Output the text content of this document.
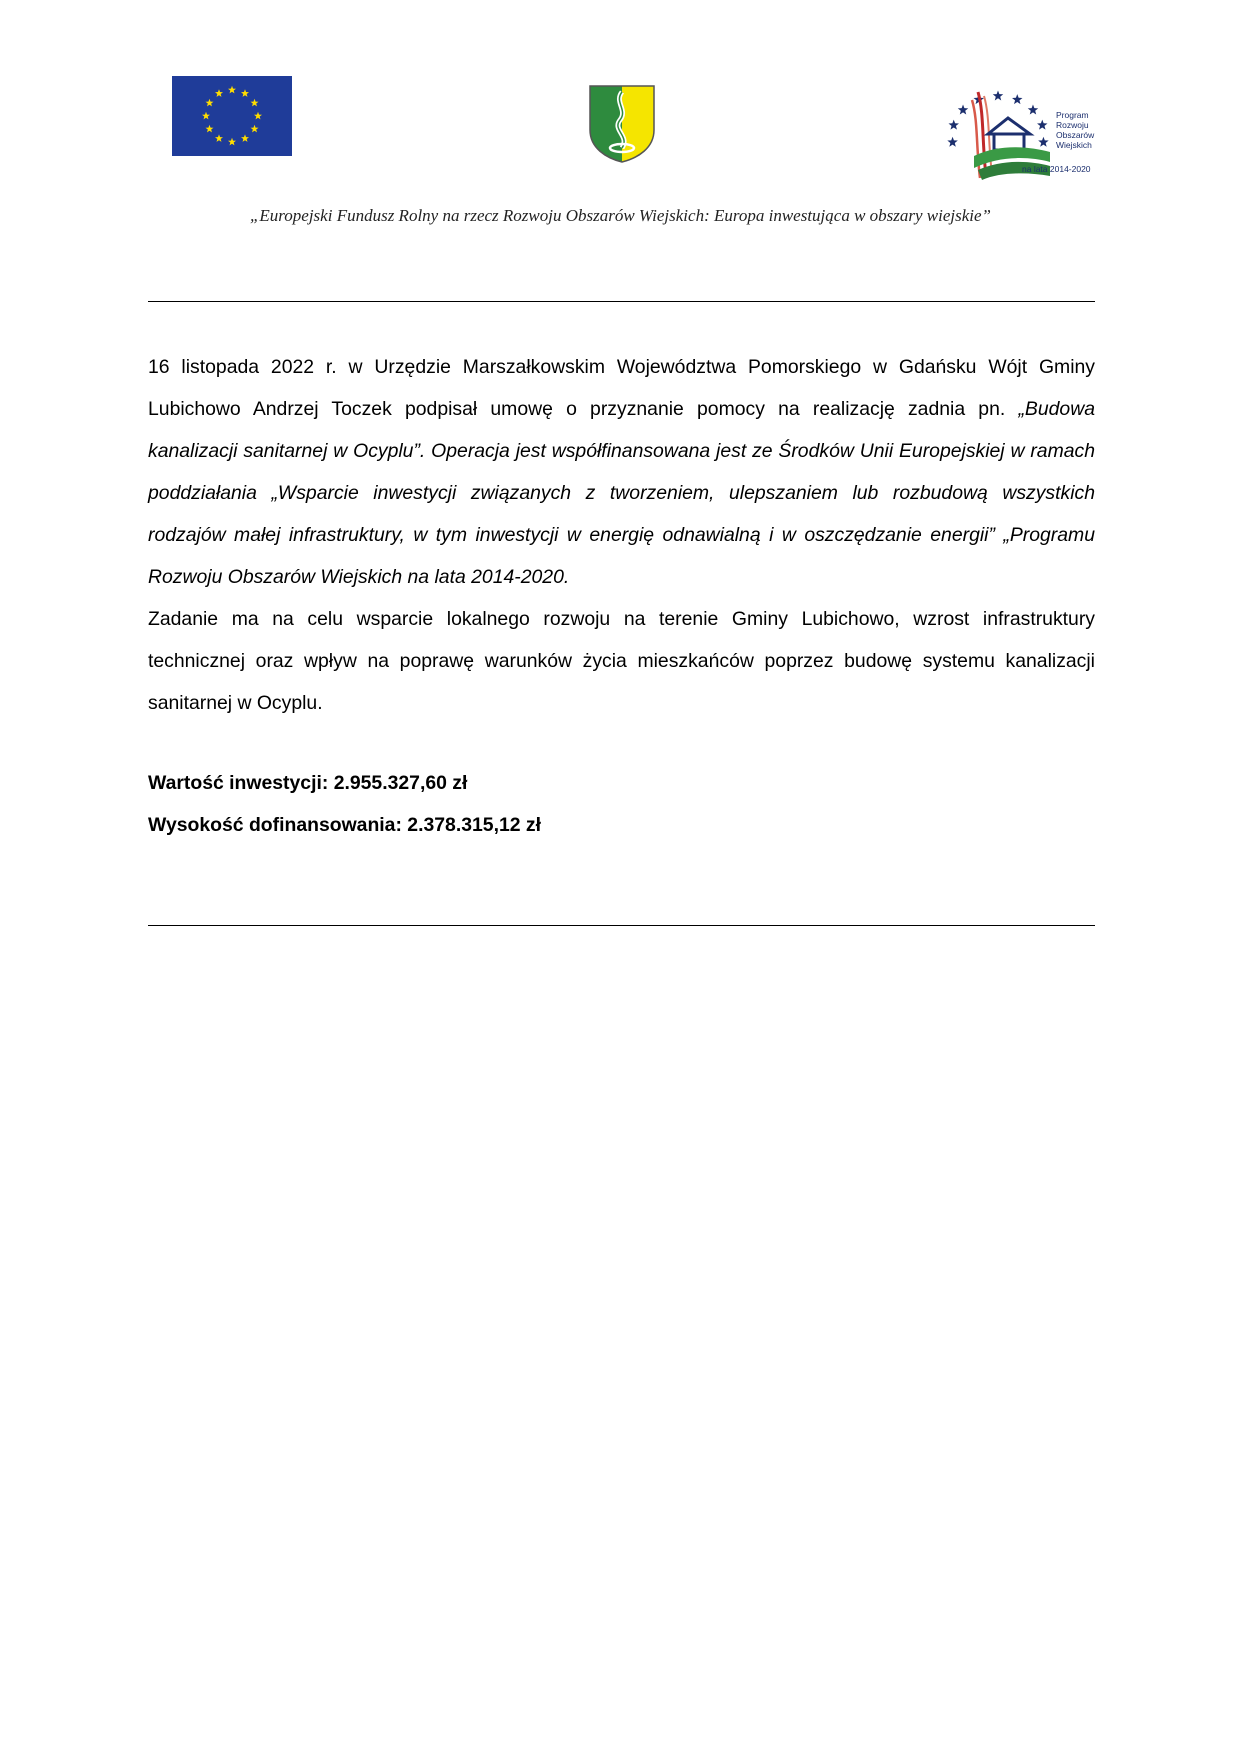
Program
Rozwoju
Obszarów
Wiejskich
na lata 2014-2020
„Europejski Fundusz Rolny na rzecz Rozwoju Obszarów Wiejskich: Europa inwestująca w obszary wiejskie”

16 listopada 2022 r. w Urzędzie Marszałkowskim Województwa Pomorskiego w Gdańsku Wójt Gminy Lubichowo Andrzej Toczek podpisał umowę o przyznanie pomocy na realizację zadnia pn. „Budowa kanalizacji sanitarnej w Ocyplu”. Operacja jest współfinansowana jest ze Środków Unii Europejskiej w ramach poddziałania „Wsparcie inwestycji związanych z tworzeniem, ulepszaniem lub rozbudową wszystkich rodzajów małej infrastruktury, w tym inwestycji w energię odnawialną i w oszczędzanie energii” „Programu Rozwoju Obszarów Wiejskich na lata 2014-2020.

Zadanie ma na celu wsparcie lokalnego rozwoju na terenie Gminy Lubichowo, wzrost infrastruktury technicznej oraz wpływ na poprawę warunków życia mieszkańców poprzez budowę systemu kanalizacji sanitarnej w Ocyplu.

Wartość inwestycji: 2.955.327,60 zł
Wysokość dofinansowania: 2.378.315,12 zł
